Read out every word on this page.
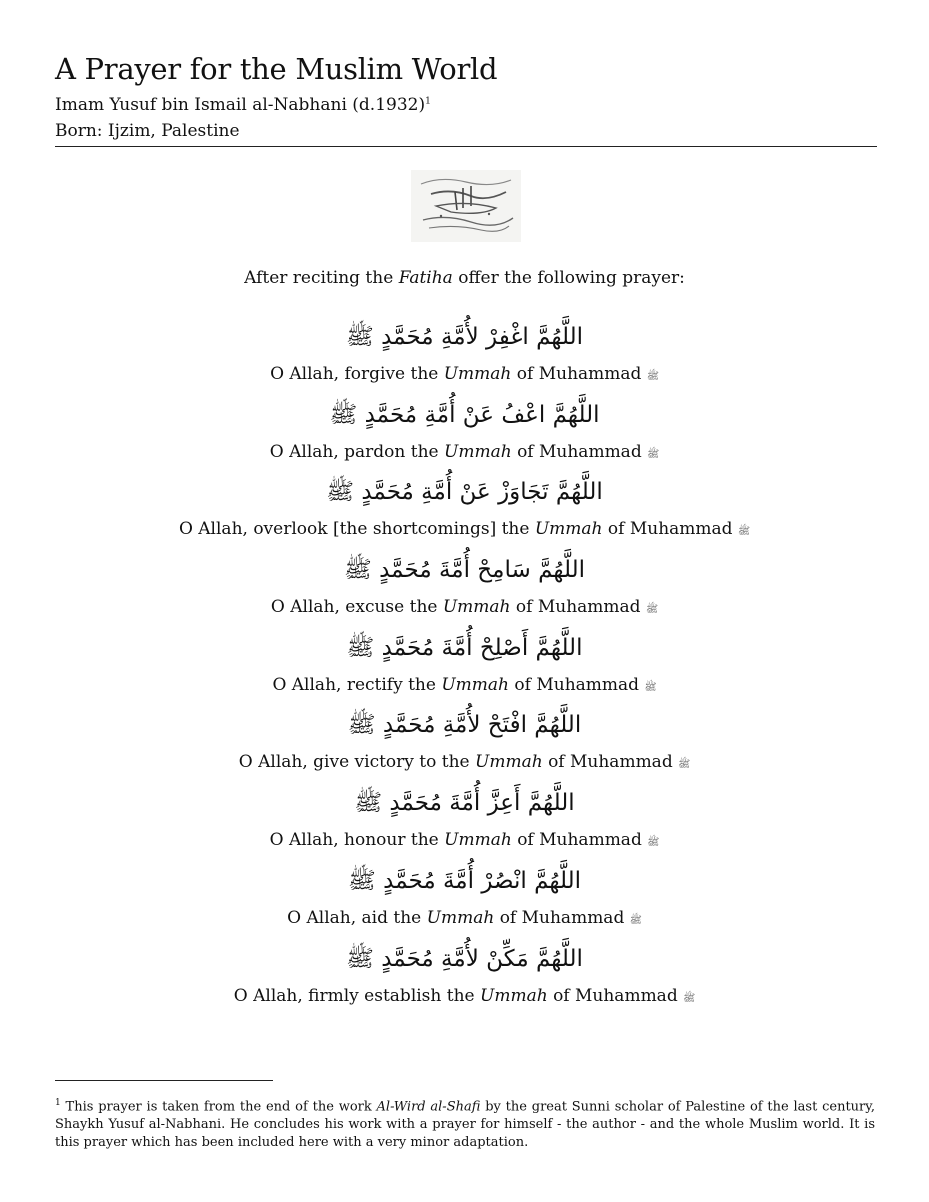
A Prayer for the Muslim World
Imam Yusuf bin Ismail al-Nabhani $(d.1932)^1$
Born: Ijzim, Palestine
After reciting the Fatiha offer the following prayer:
اللَّهُمَّ اغْفِرْ لأُمَّةِ مُحَمَّدٍ ﷺ
O Allah, forgive the Ummah of Muhammad ﷺ
اللَّهُمَّ اعْفُ عَنْ أُمَّةِ مُحَمَّدٍ ﷺ
O Allah, pardon the Ummah of Muhammad ﷺ
اللَّهُمَّ تَجَاوَزْ عَنْ أُمَّةِ مُحَمَّدٍ ﷺ
O Allah, overlook [the shortcomings] the Ummah of Muhammad ﷺ
اللَّهُمَّ سَامِحْ أُمَّةَ مُحَمَّدٍ ﷺ
O Allah, excuse the Ummah of Muhammad ﷺ
اللَّهُمَّ أَصْلِحْ أُمَّةَ مُحَمَّدٍ ﷺ
O Allah, rectify the Ummah of Muhammad ﷺ
اللَّهُمَّ افْتَحْ لأُمَّةِ مُحَمَّدٍ ﷺ
O Allah, give victory to the Ummah of Muhammad ﷺ
اللَّهُمَّ أَعِزَّ أُمَّةَ مُحَمَّدٍ ﷺ
O Allah, honour the Ummah of Muhammad ﷺ
اللَّهُمَّ انْصُرْ أُمَّةَ مُحَمَّدٍ ﷺ
O Allah, aid the Ummah of Muhammad ﷺ
اللَّهُمَّ مَكِّنْ لأُمَّةِ مُحَمَّدٍ ﷺ
O Allah, firmly establish the Ummah of Muhammad ﷺ
$^1$ This prayer is taken from the end of the work Al-Wird al-Shafi by the great Sunni scholar of Palestine of the last century, Shaykh Yusuf al-Nabhani. He concludes his work with a prayer for himself - the author - and the whole Muslim world. It is this prayer which has been included here with a very minor adaptation.
